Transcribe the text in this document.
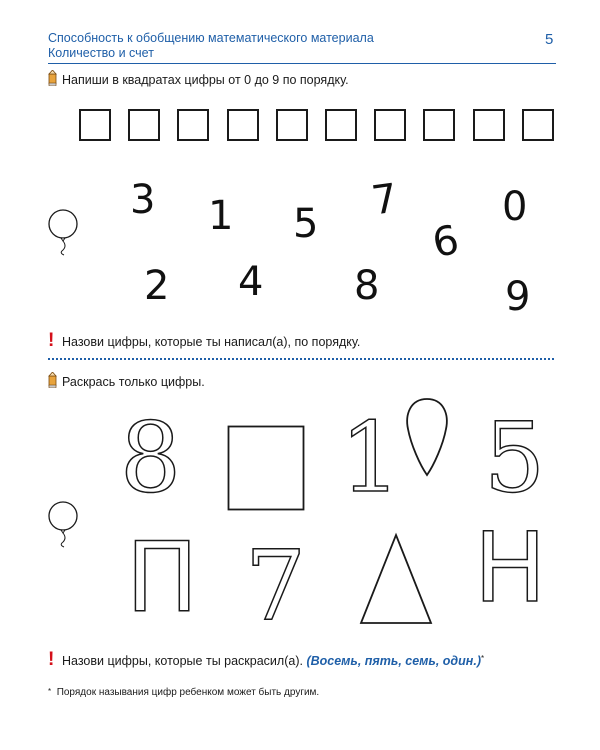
Способность к обобщению математического материала
Количество и счет
5
Напиши в квадратах цифры от 0 до 9 по порядку.
3 1 5 7	0
6
2 4 8	9
! Назови цифры, которые ты написал(а), по порядку.
Раскрась только цифры.
8 1 5
П 7 Н
! Назови цифры, которые ты раскрасил(а). (Восемь, пять, семь, один.)*
* Порядок называния цифр ребенком может быть другим.
